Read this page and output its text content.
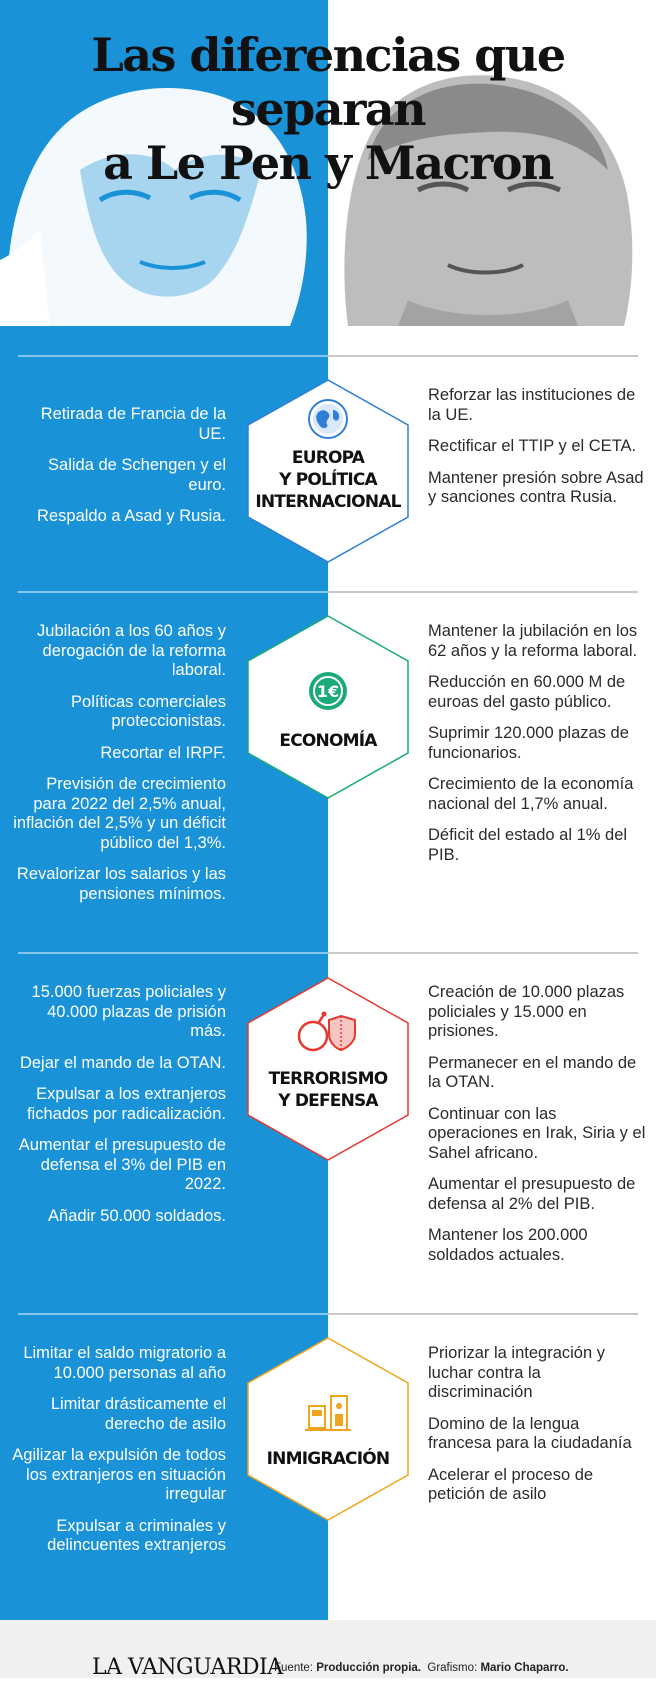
Las diferencias que separan
a Le Pen y Macron

Retirada de Francia de la UE.

Salida de Schengen y el euro.

Respaldo a Asad y Rusia.

EUROPA
Y POLÍTICA
INTERNACIONAL

Reforzar las instituciones de la UE.

Rectificar el TTIP y el CETA.

Mantener presión sobre Asad y sanciones contra Rusia.

Jubilación a los 60 años y derogación de la reforma laboral.

Políticas comerciales proteccionistas.

Recortar el IRPF.

Previsión de crecimiento para 2022 del 2,5% anual, inflación del 2,5% y un déficit público del 1,3%.

Revalorizar los salarios y las pensiones mínimos.

1€
ECONOMÍA

Mantener la jubilación en los 62 años y la reforma laboral.

Reducción en 60.000 M de euroas del gasto público.

Suprimir 120.000 plazas de funcionarios.

Crecimiento de la economía nacional del 1,7% anual.

Déficit del estado al 1% del PIB.

15.000 fuerzas policiales y 40.000 plazas de prisión más.

Dejar el mando de la OTAN.

Expulsar a los extranjeros fichados por radicalización.

Aumentar el presupuesto de defensa el 3% del PIB en 2022.

Añadir 50.000 soldados.

TERRORISMO
Y DEFENSA

Creación de 10.000 plazas policiales y 15.000 en prisiones.

Permanecer en el mando de la OTAN.

Continuar con las operaciones en Irak, Siria y el Sahel africano.

Aumentar el presupuesto de defensa al 2% del PIB.

Mantener los 200.000 soldados actuales.

Limitar el saldo migratorio a 10.000 personas al año

Limitar drásticamente el derecho de asilo

Agilizar la expulsión de todos los extranjeros en situación irregular

Expulsar a criminales y delincuentes extranjeros

INMIGRACIÓN

Priorizar la integración y luchar contra la discriminación

Domino de la lengua francesa para la ciudadanía

Acelerar el proceso de petición de asilo

LA VANGUARDIA
Fuente: Producción propia. Grafismo: Mario Chaparro.
